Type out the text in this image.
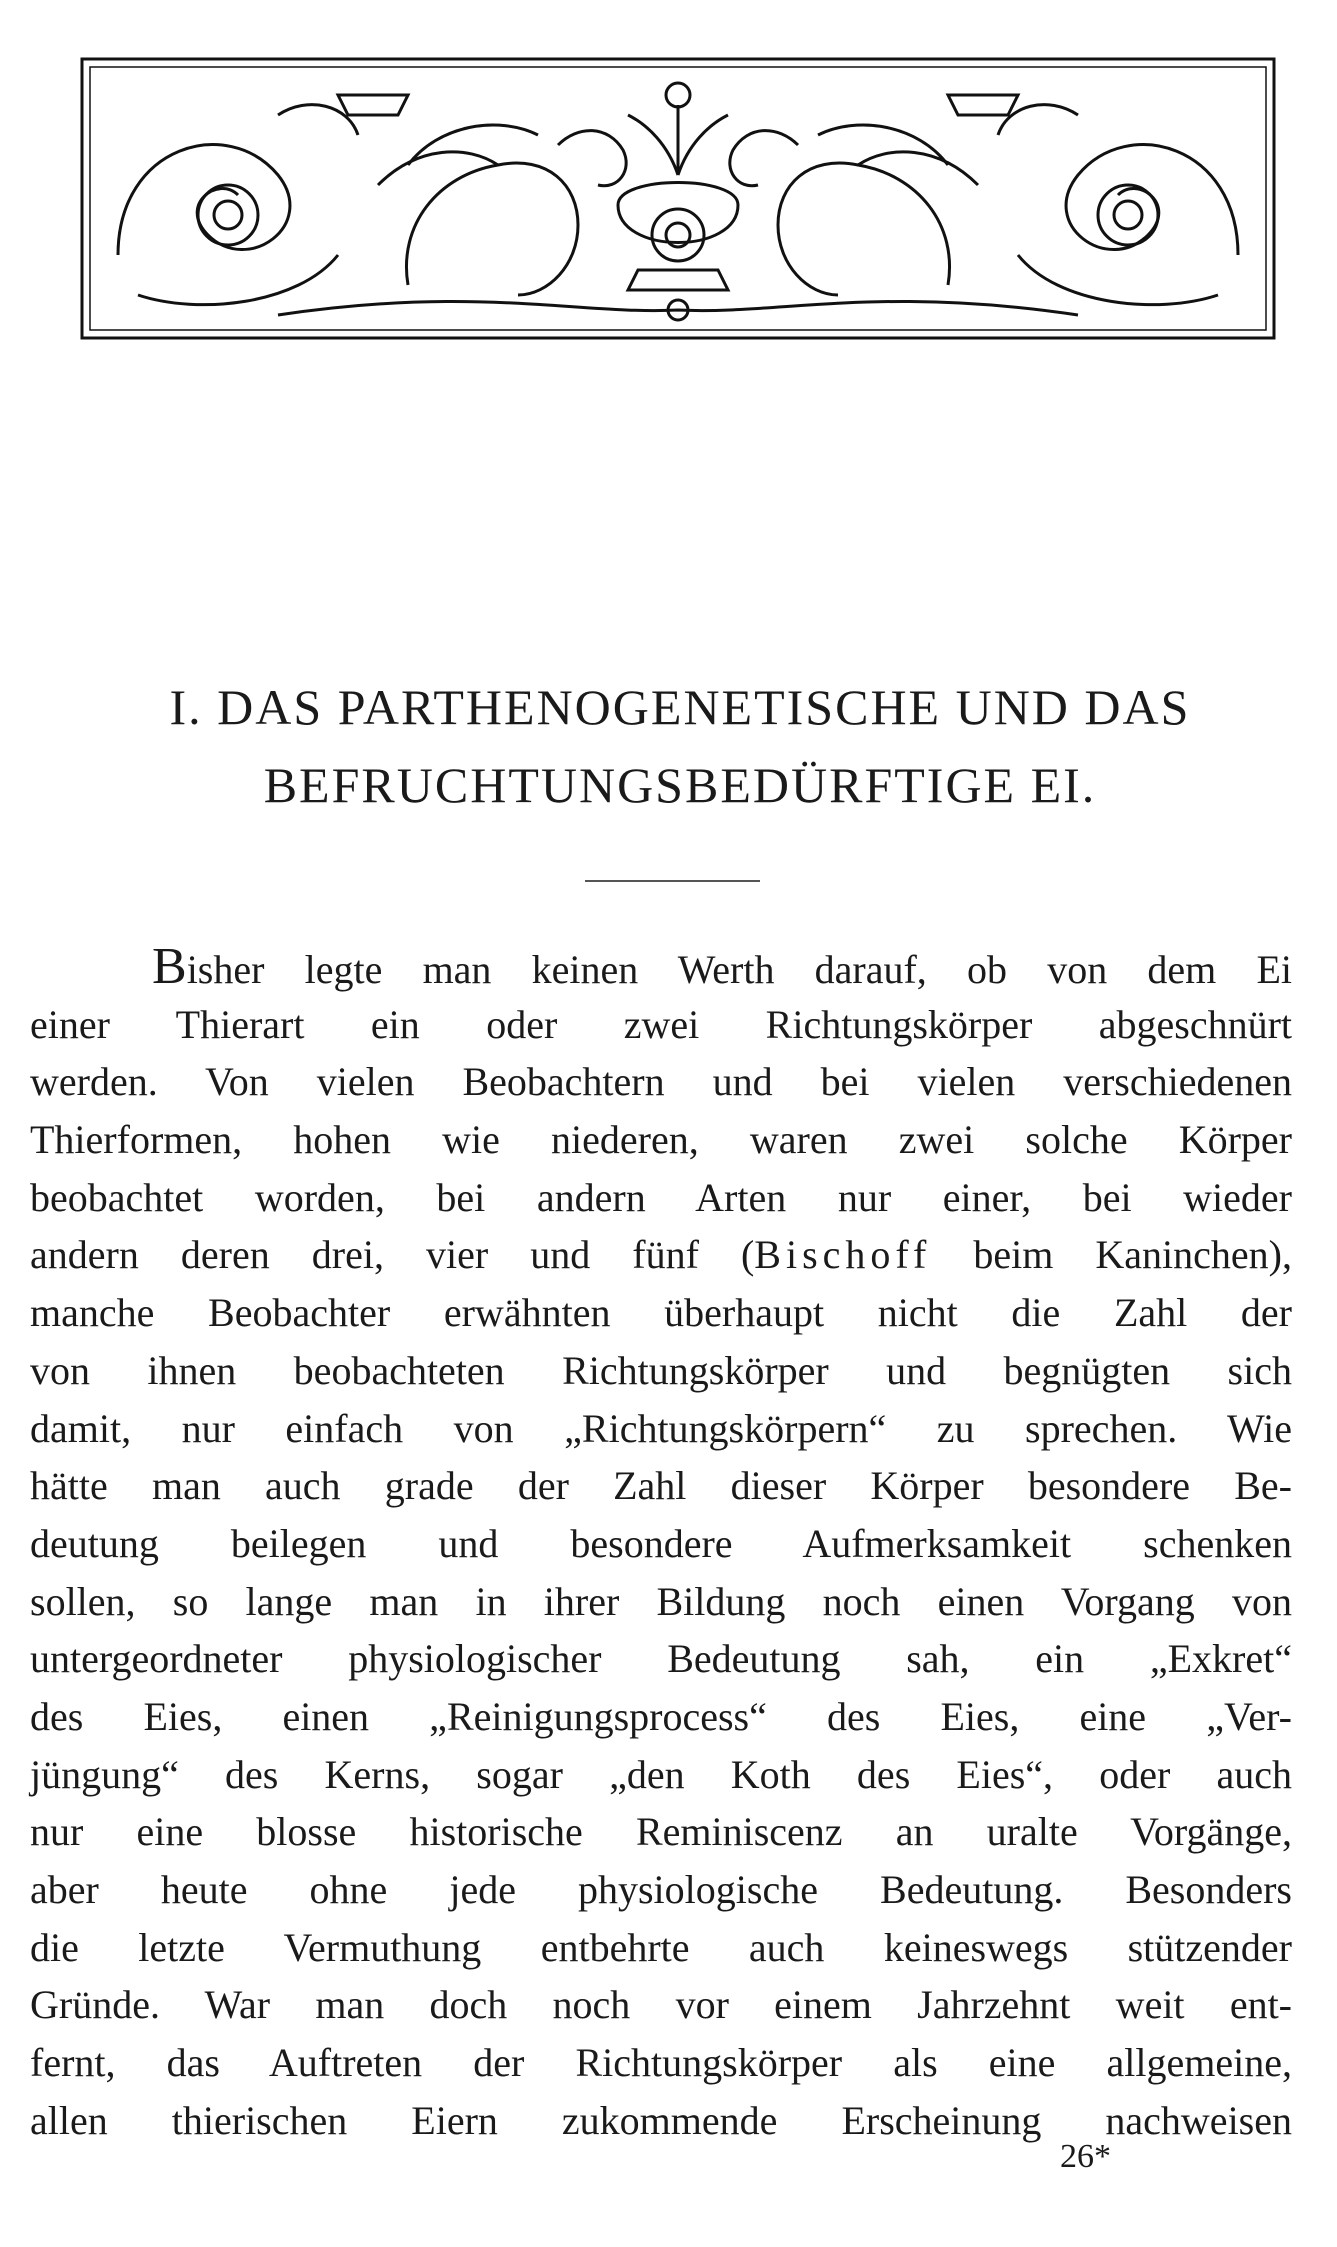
I. DAS PARTHENOGENETISCHE UND DAS
BEFRUCHTUNGSBEDÜRFTIGE EI.
Bisher legte man keinen Werth darauf, ob von dem Ei
einer Thierart ein oder zwei Richtungskörper abgeschnürt
werden. Von vielen Beobachtern und bei vielen verschiedenen
Thierformen, hohen wie niederen, waren zwei solche Körper
beobachtet worden, bei andern Arten nur einer, bei wieder
andern deren drei, vier und fünf (Bischoff beim Kaninchen),
manche Beobachter erwähnten überhaupt nicht die Zahl der
von ihnen beobachteten Richtungskörper und begnügten sich
damit, nur einfach von „Richtungskörpern“ zu sprechen. Wie
hätte man auch grade der Zahl dieser Körper besondere Be-
deutung beilegen und besondere Aufmerksamkeit schenken
sollen, so lange man in ihrer Bildung noch einen Vorgang von
untergeordneter physiologischer Bedeutung sah, ein „Exkret“
des Eies, einen „Reinigungsprocess“ des Eies, eine „Ver-
jüngung“ des Kerns, sogar „den Koth des Eies“, oder auch
nur eine blosse historische Reminiscenz an uralte Vorgänge,
aber heute ohne jede physiologische Bedeutung. Besonders
die letzte Vermuthung entbehrte auch keineswegs stützender
Gründe. War man doch noch vor einem Jahrzehnt weit ent-
fernt, das Auftreten der Richtungskörper als eine allgemeine,
allen thierischen Eiern zukommende Erscheinung nachweisen
26*
